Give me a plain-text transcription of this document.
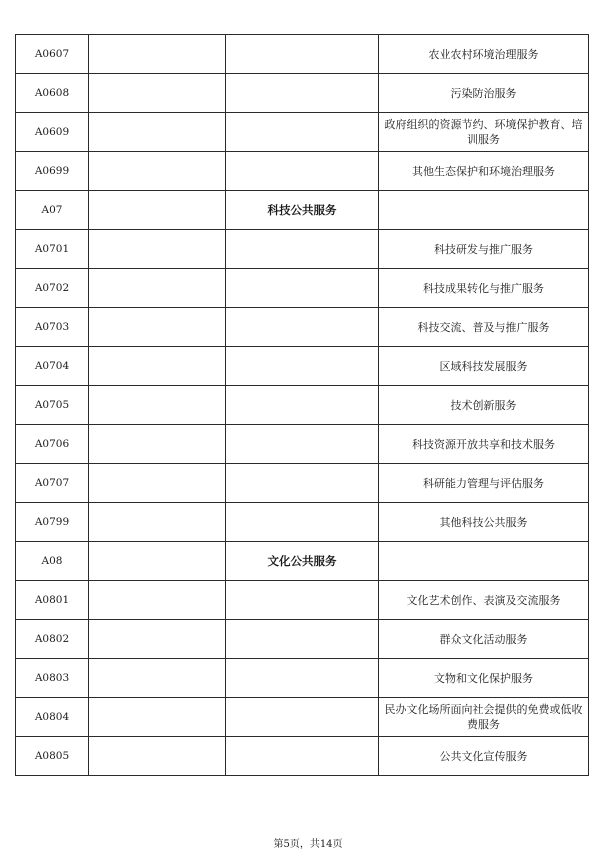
A0607			农业农村环境治理服务
A0608			污染防治服务
A0609			政府组织的资源节约、环境保护教育、培训服务
A0699			其他生态保护和环境治理服务
A07		科技公共服务	
A0701			科技研发与推广服务
A0702			科技成果转化与推广服务
A0703			科技交流、普及与推广服务
A0704			区域科技发展服务
A0705			技术创新服务
A0706			科技资源开放共享和技术服务
A0707			科研能力管理与评估服务
A0799			其他科技公共服务
A08		文化公共服务	
A0801			文化艺术创作、表演及交流服务
A0802			群众文化活动服务
A0803			文物和文化保护服务
A0804			民办文化场所面向社会提供的免费或低收费服务
A0805			公共文化宣传服务
第5页，共14页
